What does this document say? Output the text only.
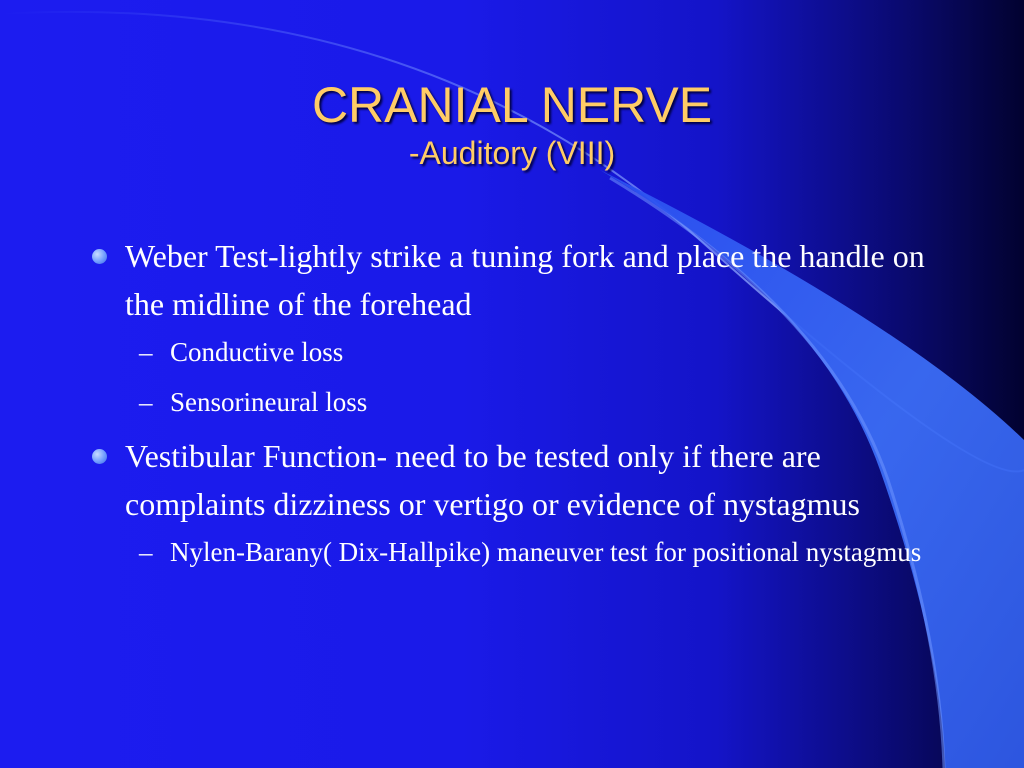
CRANIAL NERVE
-Auditory (VIII)
Weber Test-lightly strike a tuning fork and place the handle on the midline of the forehead
– Conductive loss
– Sensorineural loss
Vestibular Function- need to be tested only if there are complaints dizziness or vertigo or evidence of nystagmus
– Nylen-Barany( Dix-Hallpike) maneuver test for positional nystagmus
